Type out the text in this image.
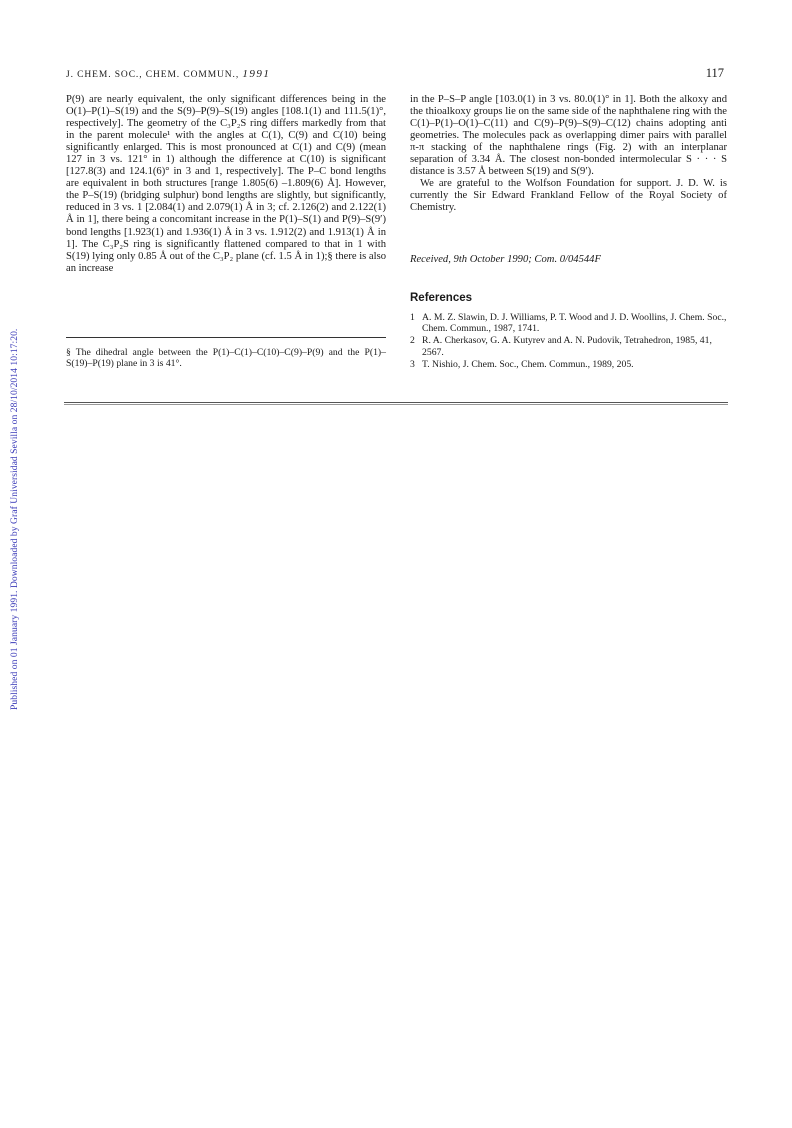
Published on 01 January 1991. Downloaded by Graf Universidad Sevilla on 28/10/2014 10:17:20.
J. CHEM. SOC., CHEM. COMMUN., 1991	117

P(9) are nearly equivalent, the only significant differences being in the O(1)–P(1)–S(19) and the S(9)–P(9)–S(19) angles [108.1(1) and 111.5(1)°, respectively]. The geometry of the C₃P₂S ring differs markedly from that in the parent molecule¹ with the angles at C(1), C(9) and C(10) being significantly enlarged. This is most pronounced at C(1) and C(9) (mean 127 in 3 vs. 121° in 1) although the difference at C(10) is significant [127.8(3) and 124.1(6)° in 3 and 1, respectively]. The P–C bond lengths are equivalent in both structures [range 1.805(6) –1.809(6) Å]. However, the P–S(19) (bridging sulphur) bond lengths are slightly, but significantly, reduced in 3 vs. 1 [2.084(1) and 2.079(1) Å in 3; cf. 2.126(2) and 2.122(1) Å in 1], there being a concomitant increase in the P(1)–S(1) and P(9)–S(9′) bond lengths [1.923(1) and 1.936(1) Å in 3 vs. 1.912(2) and 1.913(1) Å in 1]. The C₃P₂S ring is significantly flattened compared to that in 1 with S(19) lying only 0.85 Å out of the C₃P₂ plane (cf. 1.5 Å in 1);§ there is also an increase

in the P–S–P angle [103.0(1) in 3 vs. 80.0(1)° in 1]. Both the alkoxy and the thioalkoxy groups lie on the same side of the naphthalene ring with the C(1)–P(1)–O(1)–C(11) and C(9)–P(9)–S(9)–C(12) chains adopting anti geometries. The molecules pack as overlapping dimer pairs with parallel π-π stacking of the naphthalene rings (Fig. 2) with an interplanar separation of 3.34 Å. The closest non-bonded intermolecular S · · · S distance is 3.57 Å between S(19) and S(9′).

We are grateful to the Wolfson Foundation for support. J. D. W. is currently the Sir Edward Frankland Fellow of the Royal Society of Chemistry.

Received, 9th October 1990; Com. 0/04544F
References
1 A. M. Z. Slawin, D. J. Williams, P. T. Wood and J. D. Woollins, J. Chem. Soc., Chem. Commun., 1987, 1741.
2 R. A. Cherkasov, G. A. Kutyrev and A. N. Pudovik, Tetrahedron, 1985, 41, 2567.
3 T. Nishio, J. Chem. Soc., Chem. Commun., 1989, 205.
§ The dihedral angle between the P(1)–C(1)–C(10)–C(9)–P(9) and the P(1)–S(19)–P(19) plane in 3 is 41°.
